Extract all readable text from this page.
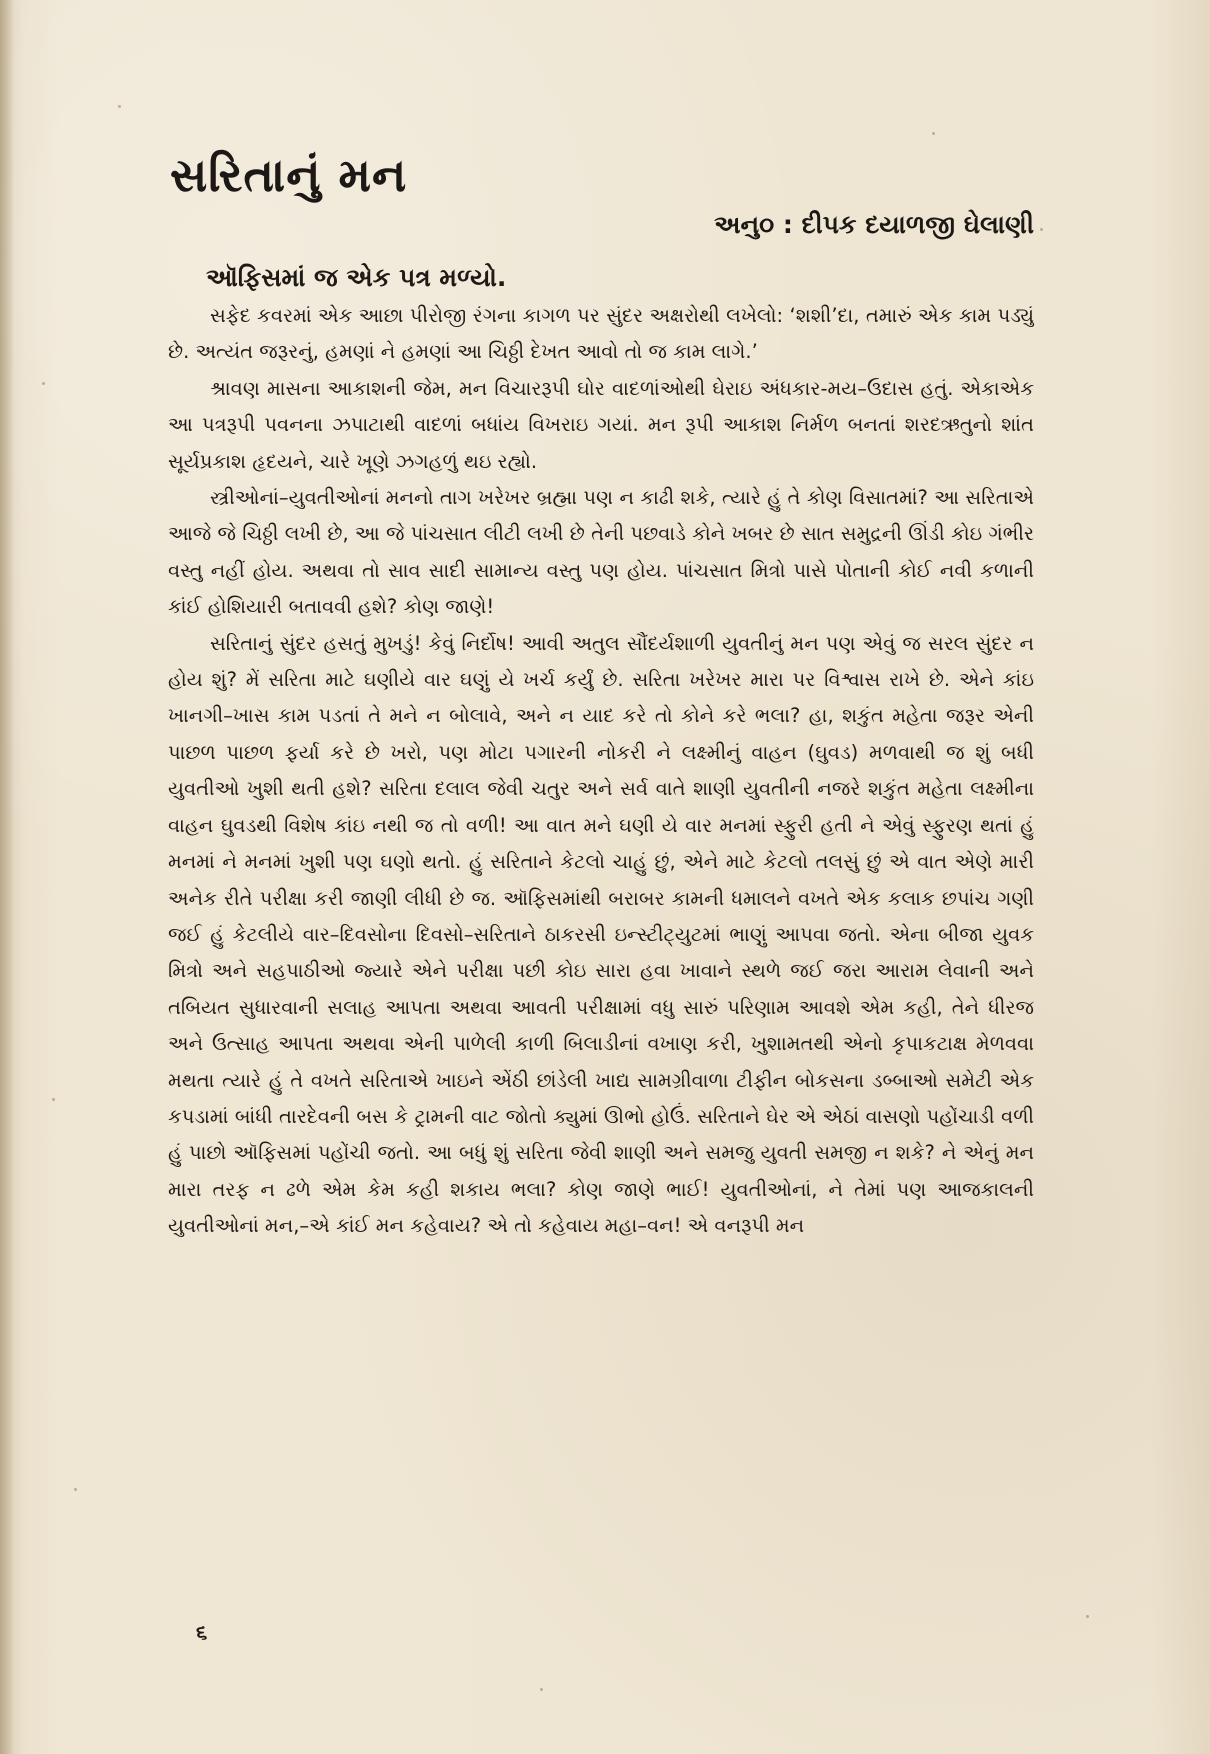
સરિતાનું મન
અનુ૦ : દીપક દયાળજી ઘેલાણી

ઑફિસમાં જ એક પત્ર મળ્યો.

સફેદ કવરમાં એક આછા પીરોજી રંગના કાગળ પર સુંદર અક્ષરોથી લખેલો: ‘શશી’દા, તમારું એક કામ પડ્યું છે. અત્યંત જરૂરનું, હમણાં ને હમણાં આ ચિઠ્ઠી દેખત આવો તો જ કામ લાગે.’

શ્રાવણ માસના આકાશની જેમ, મન વિચારરૂપી ઘોર વાદળાંઓથી ઘેરાઇ અંધકાર-મય–ઉદાસ હતું. એકાએક આ પત્રરૂપી પવનના ઝપાટાથી વાદળાં બધાંય વિખરાઇ ગયાં. મન રૂપી આકાશ નિર્મળ બનતાં શરદઋતુનો શાંત સૂર્યપ્રકાશ હૃદયને, ચારે ખૂણે ઝગહળું થઇ રહ્યો.

સ્ત્રીઓનાં–યુવતીઓનાં મનનો તાગ ખરેખર બ્રહ્મા પણ ન કાઢી શકે, ત્યારે હું તે કોણ વિસાતમાં? આ સરિતાએ આજે જે ચિઠ્ઠી લખી છે, આ જે પાંચસાત લીટી લખી છે તેની પછવાડે કોને ખબર છે સાત સમુદ્રની ઊંડી કોઇ ગંભીર વસ્તુ નહીં હોય. અથવા તો સાવ સાદી સામાન્ય વસ્તુ પણ હોય. પાંચસાત મિત્રો પાસે પોતાની કોઈ નવી કળાની કાંઈ હોશિયારી બતાવવી હશે? કોણ જાણે!

સરિતાનું સુંદર હસતું મુખડું! કેવું નિર્દોષ! આવી અતુલ સૌંદર્યશાળી યુવતીનું મન પણ એવું જ સરલ સુંદર ન હોય શું? મેં સરિતા માટે ઘણીયે વાર ઘણું યે ખર્ચ કર્યું છે. સરિતા ખરેખર મારા પર વિશ્વાસ રાખે છે. એને કાંઇ ખાનગી–ખાસ કામ પડતાં તે મને ન બોલાવે, અને ન યાદ કરે તો કોને કરે ભલા? હા, શકુંત મહેતા જરૂર એની પાછળ પાછળ ફર્યા કરે છે ખરો, પણ મોટા પગારની નોકરી ને લક્ષ્મીનું વાહન (ઘુવડ) મળવાથી જ શું બધી યુવતીઓ ખુશી થતી હશે? સરિતા દલાલ જેવી ચતુર અને સર્વ વાતે શાણી યુવતીની નજરે શકુંત મહેતા લક્ષ્મીના વાહન ઘુવડથી વિશેષ કાંઇ નથી જ તો વળી! આ વાત મને ઘણી યે વાર મનમાં સ્ફુરી હતી ને એવું સ્ફુરણ થતાં હું મનમાં ને મનમાં ખુશી પણ ઘણો થતો. હું સરિતાને કેટલો ચાહું છું, એને માટે કેટલો તલસું છું એ વાત એણે મારી અનેક રીતે પરીક્ષા કરી જાણી લીધી છે જ. ઑફિસમાંથી બરાબર કામની ધમાલને વખતે એક કલાક છપાંચ ગણી જઈ હું કેટલીયે વાર–દિવસોના દિવસો–સરિતાને ઠાકરસી ઇન્સ્ટીટ્યુટમાં ભાણું આપવા જતો. એના બીજા યુવક મિત્રો અને સહપાઠીઓ જ્યારે એને પરીક્ષા પછી કોઇ સારા હવા ખાવાને સ્થળે જઈ જરા આરામ લેવાની અને તબિયત સુધારવાની સલાહ આપતા અથવા આવતી પરીક્ષામાં વધુ સારું પરિણામ આવશે એમ કહી, તેને ધીરજ અને ઉત્સાહ આપતા અથવા એની પાળેલી કાળી બિલાડીનાં વખાણ કરી, ખુશામતથી એનો કૃપાકટાક્ષ મેળવવા મથતા ત્યારે હું તે વખતે સરિતાએ ખાઇને એંઠી છાંડેલી ખાદ્ય સામગ્રીવાળા ટીફીન બોકસના ડબ્બાઓ સમેટી એક કપડામાં બાંધી તારદેવની બસ કે ટ્રામની વાટ જોતો ક્યુમાં ઊભો હોઉં. સરિતાને ઘેર એ એઠાં વાસણો પહોંચાડી વળી હું પાછો ઑફિસમાં પહોંચી જતો. આ બધું શું સરિતા જેવી શાણી અને સમજુ યુવતી સમજી ન શકે? ને એનું મન મારા તરફ ન ઢળે એમ કેમ કહી શકાય ભલા? કોણ જાણે ભાઈ! યુવતીઓનાં, ને તેમાં પણ આજકાલની યુવતીઓનાં મન,–એ કાંઈ મન કહેવાય? એ તો કહેવાય મહા–વન! એ વનરૂપી મન

૬
